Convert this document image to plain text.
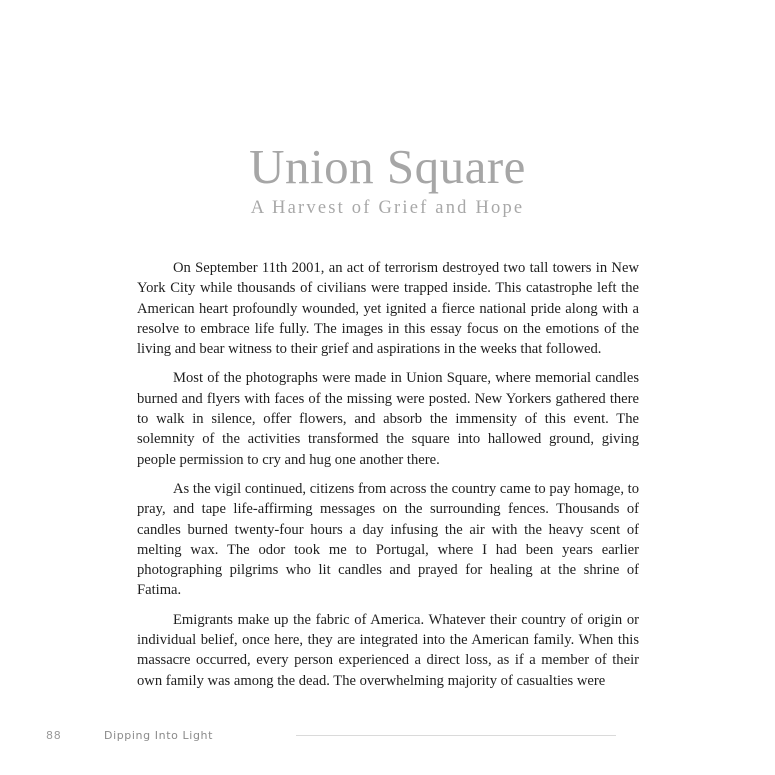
Union Square
A Harvest of Grief and Hope

On September 11th 2001, an act of terrorism destroyed two tall towers in New York City while thousands of civilians were trapped inside. This catastrophe left the American heart profoundly wounded, yet ignited a fierce national pride along with a resolve to embrace life fully. The images in this essay focus on the emotions of the living and bear witness to their grief and aspirations in the weeks that followed.

Most of the photographs were made in Union Square, where memorial candles burned and flyers with faces of the missing were posted. New Yorkers gathered there to walk in silence, offer flowers, and absorb the immensity of this event. The solemnity of the activities transformed the square into hallowed ground, giving people permission to cry and hug one another there.

As the vigil continued, citizens from across the country came to pay homage, to pray, and tape life-affirming messages on the surrounding fences. Thousands of candles burned twenty-four hours a day infusing the air with the heavy scent of melting wax. The odor took me to Portugal, where I had been years earlier photographing pilgrims who lit candles and prayed for healing at the shrine of Fatima.

Emigrants make up the fabric of America. Whatever their country of origin or individual belief, once here, they are integrated into the American family. When this massacre occurred, every person experienced a direct loss, as if a member of their own family was among the dead. The overwhelming majority of casualties were

88	Dipping Into Light
